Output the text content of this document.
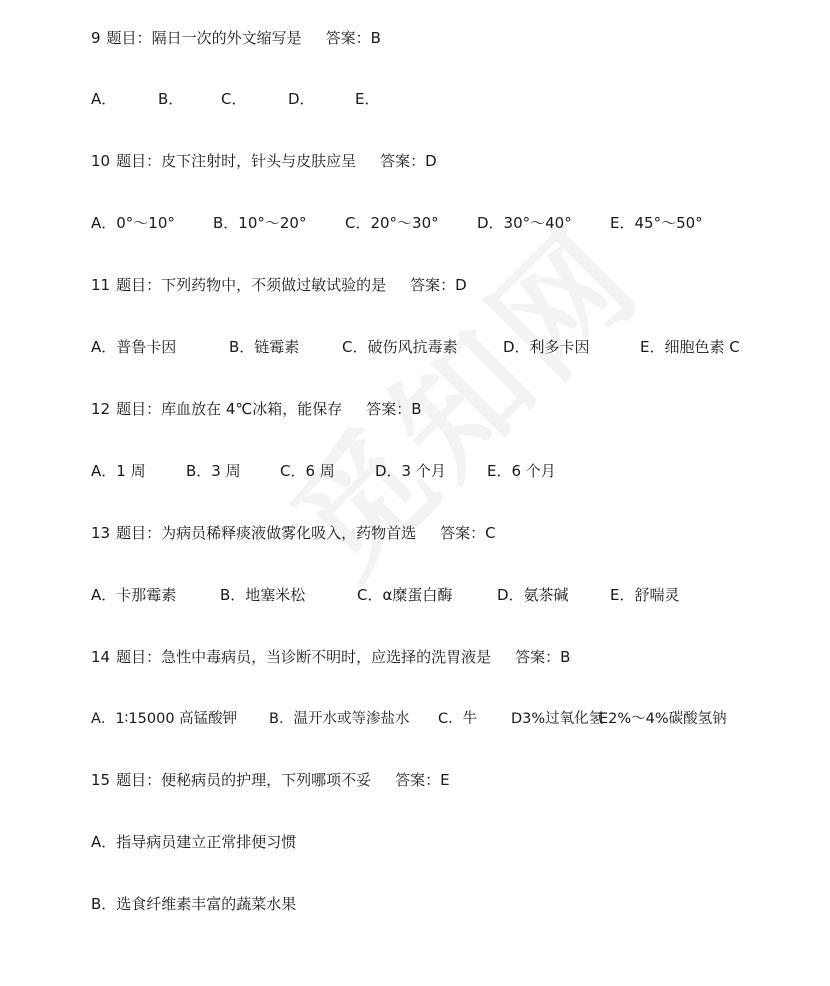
9 题目：隔日一次的外文缩写是 答案：B
A．	B．	C．	D．	E．
10 题目：皮下注射时，针头与皮肤应呈 答案：D
A．0°～10°	B．10°～20°	C．20°～30°	D．30°～40°	E．45°～50°
11 题目：下列药物中，不须做过敏试验的是 答案：D
A．普鲁卡因	B．链霉素	C．破伤风抗毒素	D．利多卡因	E．细胞色素 C
12 题目：库血放在 4℃冰箱，能保存 答案：B
A．1 周	B．3 周	C．6 周	D．3 个月	E．6 个月
13 题目：为病员稀释痰液做雾化吸入，药物首选 答案：C
A．卡那霉素	B．地塞米松	C．α糜蛋白酶	D．氨茶碱	E．舒喘灵
14 题目：急性中毒病员，当诊断不明时，应选择的洗胃液是 答案：B
A．1∶15000 高锰酸钾 B．温开水或等渗盐水 C．牛 D3%过氧化氢E2%～4%碳酸氢钠
15 题目：便秘病员的护理，下列哪项不妥 答案：E
A．指导病员建立正常排便习惯
B．选食纤维素丰富的蔬菜水果
